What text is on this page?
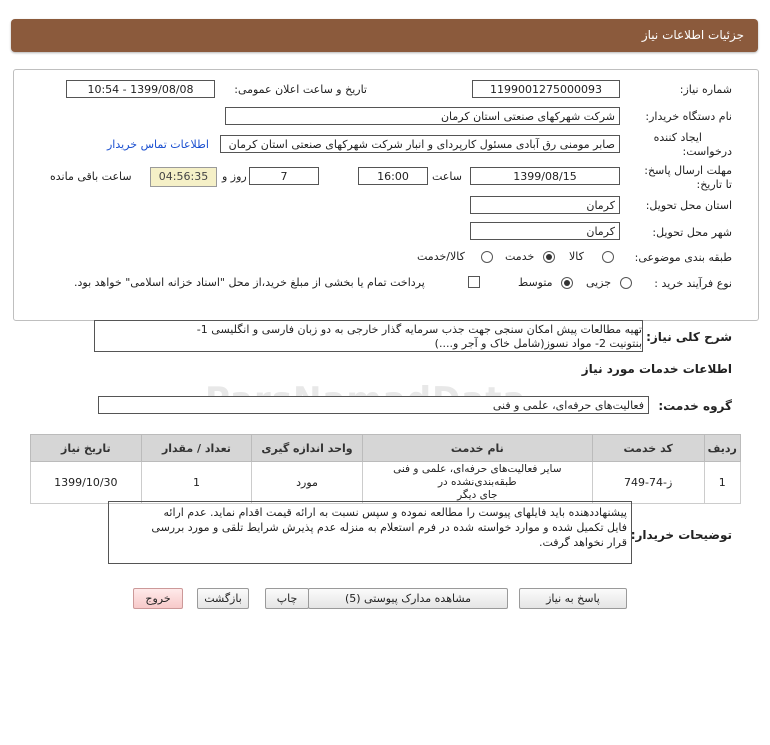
جزئیات اطلاعات نیاز
شماره نیاز:
1199001275000093
تاریخ و ساعت اعلان عمومی:
1399/08/08 - 10:54
نام دستگاه خریدار:
شرکت شهرکهای صنعتی استان کرمان
ایجاد کننده
درخواست:
صابر مومنی رق آبادی مسئول کارپردای و انبار شرکت شهرکهای صنعتی استان کرمان
اطلاعات تماس خریدار
مهلت ارسال پاسخ:
تا تاریخ:
1399/08/15
ساعت
16:00
7
روز و
04:56:35
ساعت باقی مانده
استان محل تحویل:
کرمان
شهر محل تحویل:
کرمان
طبقه بندی موضوعی:
کالا
خدمت
کالا/خدمت
نوع فرآیند خرید :
جزیی
متوسط
پرداخت تمام یا بخشی از مبلغ خرید،از محل "اسناد خزانه اسلامی" خواهد بود.
شرح کلی نیاز:
تهیه مطالعات پیش امکان سنجی جهت جذب سرمایه گذار خارجی به دو زبان فارسی و انگلیسی 1-
بنتونیت 2- مواد نسوز(شامل خاک و آجر و....)
اطلاعات خدمات مورد نیاز
گروه خدمت:
فعالیت‌های حرفه‌ای، علمی و فنی
ردیف	کد خدمت	نام خدمت	واحد اندازه گیری	تعداد / مقدار	تاریخ نیاز
1	ز-74-749	سایر فعالیت‌های حرفه‌ای، علمی و فنی طبقه‌بندی‌نشده در
جای دیگر	مورد	1	1399/10/30
توضیحات خریدار:
پیشنهاددهنده باید فایلهای پیوست را مطالعه نموده و سپس نسبت به ارائه قیمت اقدام نماید. عدم ارائه
فایل تکمیل شده و موارد خواسته شده در فرم استعلام به منزله عدم پذیرش شرایط تلقی و مورد بررسی
قرار نخواهد گرفت.
پاسخ به نیاز
مشاهده مدارک پیوستی (5)
چاپ
بازگشت
خروج
